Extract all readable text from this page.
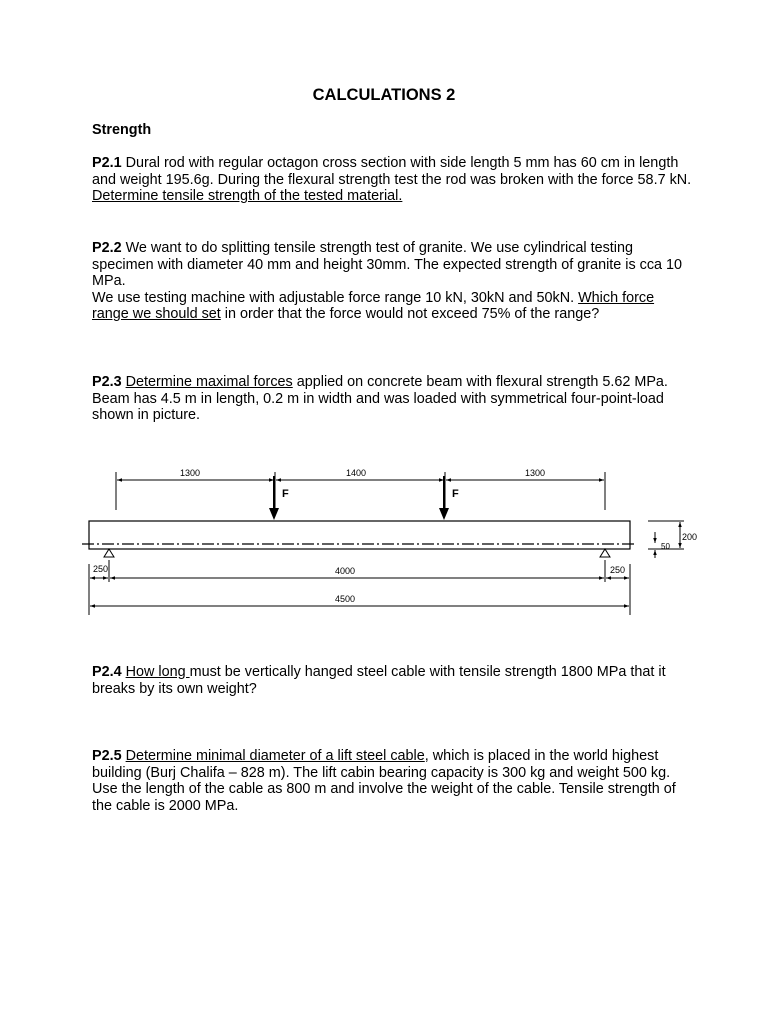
CALCULATIONS 2
Strength

P2.1 Dural rod with regular octagon cross section with side length 5 mm has 60 cm in length and weight 195.6g. During the flexural strength test the rod was broken with the force 58.7 kN. Determine tensile strength of the tested material.

P2.2 We want to do splitting tensile strength test of granite. We use cylindrical testing specimen with diameter 40 mm and height 30mm. The expected strength of granite is cca 10 MPa.
We use testing machine with adjustable force range 10 kN, 30kN and 50kN. Which force range we should set in order that the force would not exceed 75% of the range?

P2.3 Determine maximal forces applied on concrete beam with flexural strength 5.62 MPa. Beam has 4.5 m in length, 0.2 m in width and was loaded with symmetrical four-point-load shown in picture.

1300	1400	1300
F	F
200
50
250	4000	250
4500

P2.4 How long must be vertically hanged steel cable with tensile strength 1800 MPa that it breaks by its own weight?

P2.5 Determine minimal diameter of a lift steel cable, which is placed in the world highest building (Burj Chalifa – 828 m). The lift cabin bearing capacity is 300 kg and weight 500 kg. Use the length of the cable as 800 m and involve the weight of the cable. Tensile strength of the cable is 2000 MPa.
